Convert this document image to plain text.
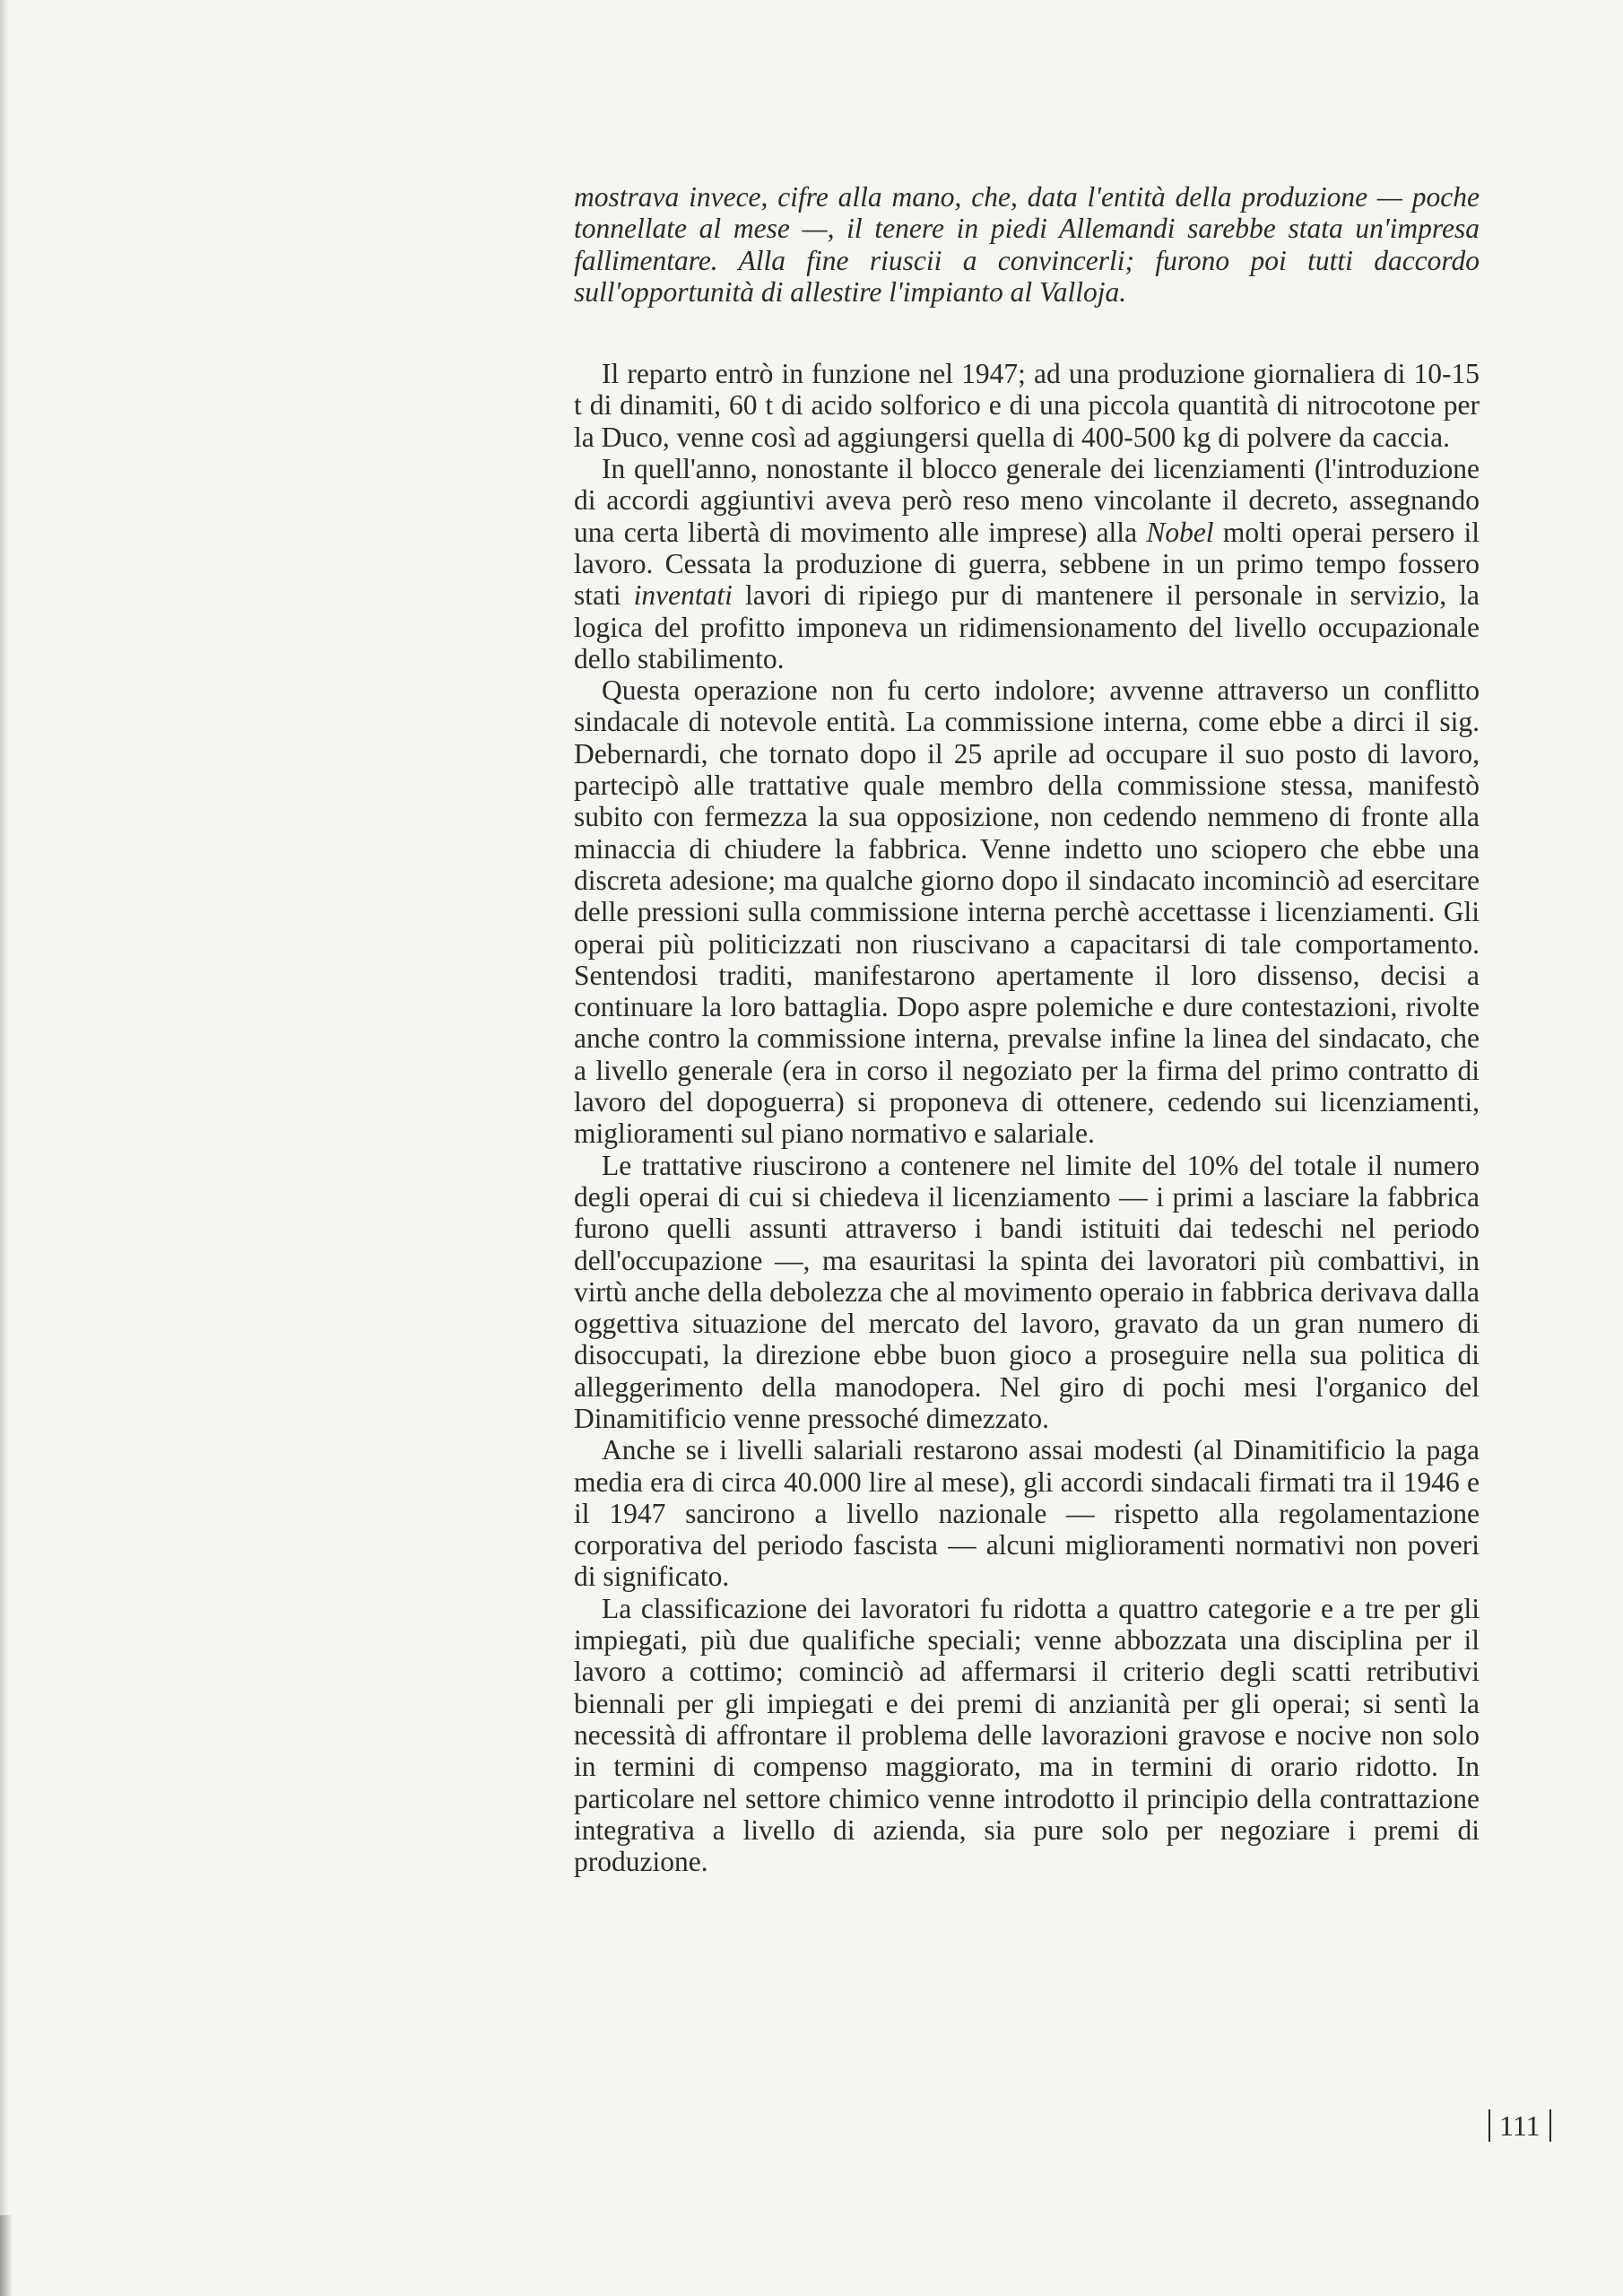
mostrava invece, cifre alla mano, che, data l'entità della produzione — poche tonnellate al mese —, il tenere in piedi Allemandi sarebbe stata un'impresa fallimentare. Alla fine riuscii a convincerli; furono poi tutti daccordo sull'opportunità di allestire l'impianto al Valloja.

Il reparto entrò in funzione nel 1947; ad una produzione giornaliera di 10-15 t di dinamiti, 60 t di acido solforico e di una piccola quantità di nitrocotone per la Duco, venne così ad aggiungersi quella di 400-500 kg di polvere da caccia.

In quell'anno, nonostante il blocco generale dei licenziamenti (l'introduzione di accordi aggiuntivi aveva però reso meno vincolante il decreto, assegnando una certa libertà di movimento alle imprese) alla Nobel molti operai persero il lavoro. Cessata la produzione di guerra, sebbene in un primo tempo fossero stati inventati lavori di ripiego pur di mantenere il personale in servizio, la logica del profitto imponeva un ridimensionamento del livello occupazionale dello stabilimento.

Questa operazione non fu certo indolore; avvenne attraverso un conflitto sindacale di notevole entità. La commissione interna, come ebbe a dirci il sig. Debernardi, che tornato dopo il 25 aprile ad occupare il suo posto di lavoro, partecipò alle trattative quale membro della commissione stessa, manifestò subito con fermezza la sua opposizione, non cedendo nemmeno di fronte alla minaccia di chiudere la fabbrica. Venne indetto uno sciopero che ebbe una discreta adesione; ma qualche giorno dopo il sindacato incominciò ad esercitare delle pressioni sulla commissione interna perchè accettasse i licenziamenti. Gli operai più politicizzati non riuscivano a capacitarsi di tale comportamento. Sentendosi traditi, manifestarono apertamente il loro dissenso, decisi a continuare la loro battaglia. Dopo aspre polemiche e dure contestazioni, rivolte anche contro la commissione interna, prevalse infine la linea del sindacato, che a livello generale (era in corso il negoziato per la firma del primo contratto di lavoro del dopoguerra) si proponeva di ottenere, cedendo sui licenziamenti, miglioramenti sul piano normativo e salariale.

Le trattative riuscirono a contenere nel limite del 10% del totale il numero degli operai di cui si chiedeva il licenziamento — i primi a lasciare la fabbrica furono quelli assunti attraverso i bandi istituiti dai tedeschi nel periodo dell'occupazione —, ma esauritasi la spinta dei lavoratori più combattivi, in virtù anche della debolezza che al movimento operaio in fabbrica derivava dalla oggettiva situazione del mercato del lavoro, gravato da un gran numero di disoccupati, la direzione ebbe buon gioco a proseguire nella sua politica di alleggerimento della manodopera. Nel giro di pochi mesi l'organico del Dinamitificio venne pressoché dimezzato.

Anche se i livelli salariali restarono assai modesti (al Dinamitificio la paga media era di circa 40.000 lire al mese), gli accordi sindacali firmati tra il 1946 e il 1947 sancirono a livello nazionale — rispetto alla regolamentazione corporativa del periodo fascista — alcuni miglioramenti normativi non poveri di significato.

La classificazione dei lavoratori fu ridotta a quattro categorie e a tre per gli impiegati, più due qualifiche speciali; venne abbozzata una disciplina per il lavoro a cottimo; cominciò ad affermarsi il criterio degli scatti retributivi biennali per gli impiegati e dei premi di anzianità per gli operai; si sentì la necessità di affrontare il problema delle lavorazioni gravose e nocive non solo in termini di compenso maggiorato, ma in termini di orario ridotto. In particolare nel settore chimico venne introdotto il principio della contrattazione integrativa a livello di azienda, sia pure solo per negoziare i premi di produzione.

111
